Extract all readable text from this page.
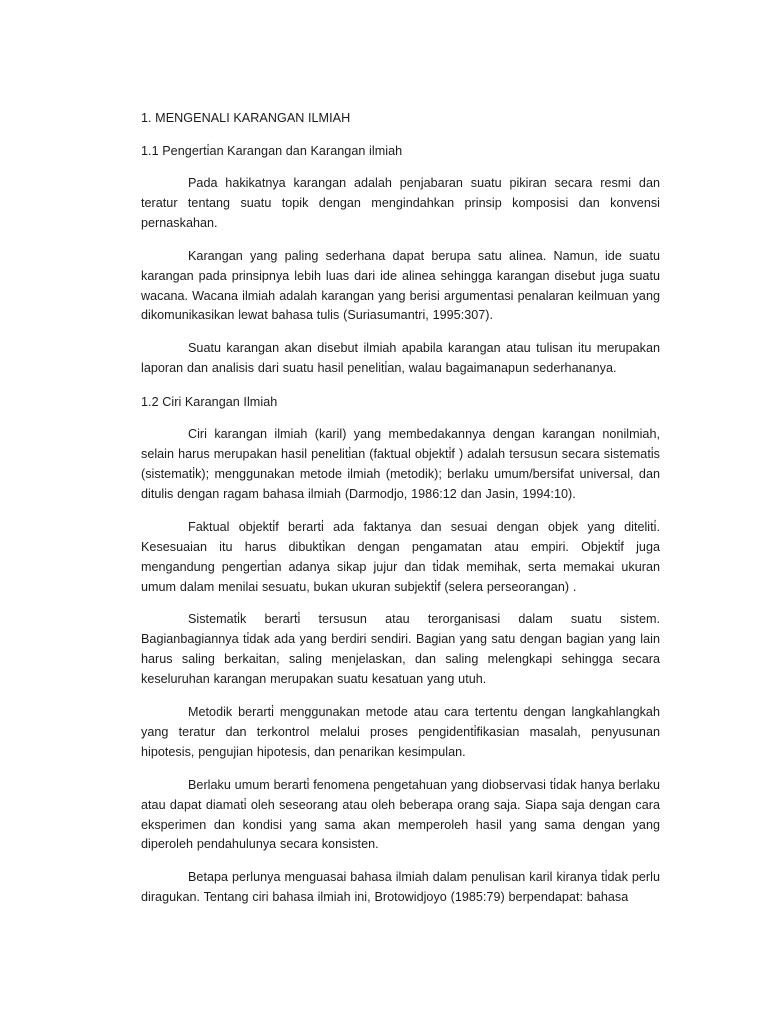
1. MENGENALI KARANGAN ILMIAH

1.1 Pengerti̇an Karangan dan Karangan ilmiah

Pada hakikatnya karangan adalah penjabaran suatu pikiran secara resmi dan teratur tentang suatu topik dengan mengindahkan prinsip komposisi dan konvensi pernaskahan.

Karangan yang paling sederhana dapat berupa satu alinea. Namun, ide suatu karangan pada prinsipnya lebih luas dari ide alinea sehingga karangan disebut juga suatu wacana. Wacana ilmiah adalah karangan yang berisi argumentasi penalaran keilmuan yang dikomunikasikan lewat bahasa tulis (Suriasumantri, 1995:307).

Suatu karangan akan disebut ilmiah apabila karangan atau tulisan itu merupakan laporan dan analisis dari suatu hasil peneliti̇an, walau bagaimanapun sederhananya.

1.2 Ciri Karangan Ilmiah

Ciri karangan ilmiah (karil) yang membedakannya dengan karangan nonilmiah, selain harus merupakan hasil peneliti̇an (faktual objekti̇f ) adalah tersusun secara sistemati̇s (sistemati̇k); menggunakan metode ilmiah (metodik); berlaku umum/bersifat universal, dan ditulis dengan ragam bahasa ilmiah (Darmodjo, 1986:12 dan Jasin, 1994:10).

Faktual objekti̇f berarti̇ ada faktanya dan sesuai dengan objek yang diteliti̇. Kesesuaian itu harus dibukti̇kan dengan pengamatan atau empiri. Objekti̇f juga mengandung pengerti̇an adanya sikap jujur dan ti̇dak memihak, serta memakai ukuran umum dalam menilai sesuatu, bukan ukuran subjekti̇f (selera perseorangan) .

Sistemati̇k berarti̇ tersusun atau terorganisasi dalam suatu sistem. Bagianbagiannya ti̇dak ada yang berdiri sendiri. Bagian yang satu dengan bagian yang lain harus saling berkaitan, saling menjelaskan, dan saling melengkapi sehingga secara keseluruhan karangan merupakan suatu kesatuan yang utuh.

Metodik berarti̇ menggunakan metode atau cara tertentu dengan langkahlangkah yang teratur dan terkontrol melalui proses pengidenti̇fikasian masalah, penyusunan hipotesis, pengujian hipotesis, dan penarikan kesimpulan.

Berlaku umum berarti̇ fenomena pengetahuan yang diobservasi ti̇dak hanya berlaku atau dapat diamati̇ oleh seseorang atau oleh beberapa orang saja. Siapa saja dengan cara eksperimen dan kondisi yang sama akan memperoleh hasil yang sama dengan yang diperoleh pendahulunya secara konsisten.

Betapa perlunya menguasai bahasa ilmiah dalam penulisan karil kiranya ti̇dak perlu diragukan. Tentang ciri bahasa ilmiah ini, Brotowidjoyo (1985:79) berpendapat: bahasa
